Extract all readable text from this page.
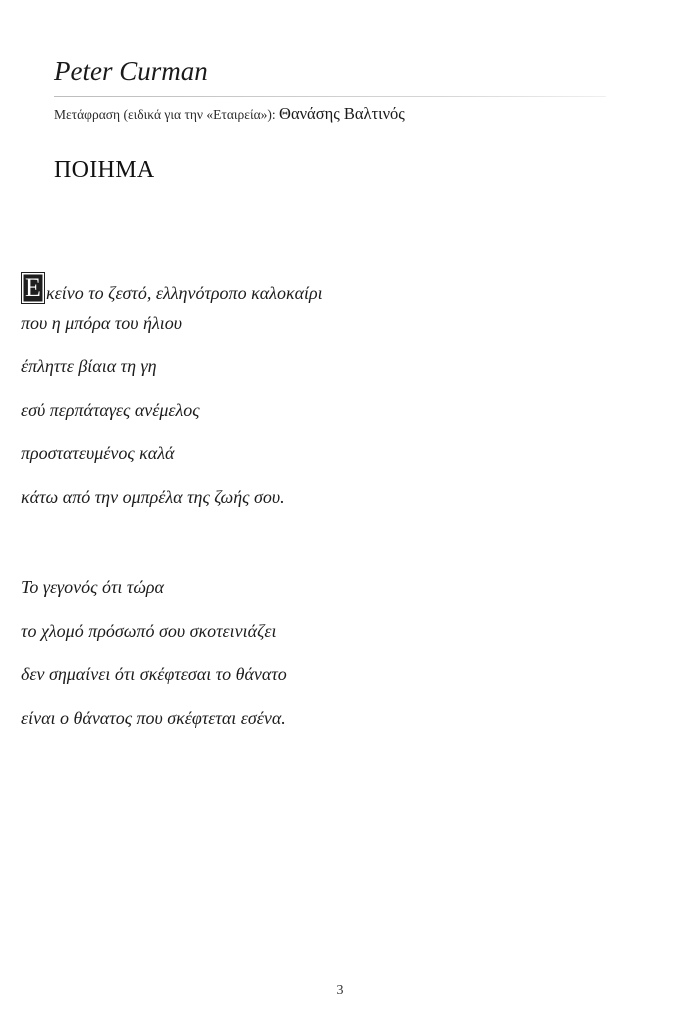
Peter Curman
Μετάφραση (ειδικά για την «Εταιρεία»): Θανάσης Βαλτινός
ΠΟΙΗΜΑ
Ε κείνο το ζεστό, ελληνότροπο καλοκαίρι
που η μπόρα του ήλιου
έπληττε βίαια τη γη
εσύ περπάταγες ανέμελος
προστατευμένος καλά
κάτω από την ομπρέλα της ζωής σου.
Το γεγονός ότι τώρα
το χλομό πρόσωπό σου σκοτεινιάζει
δεν σημαίνει ότι σκέφτεσαι το θάνατο
είναι ο θάνατος που σκέφτεται εσένα.
3
